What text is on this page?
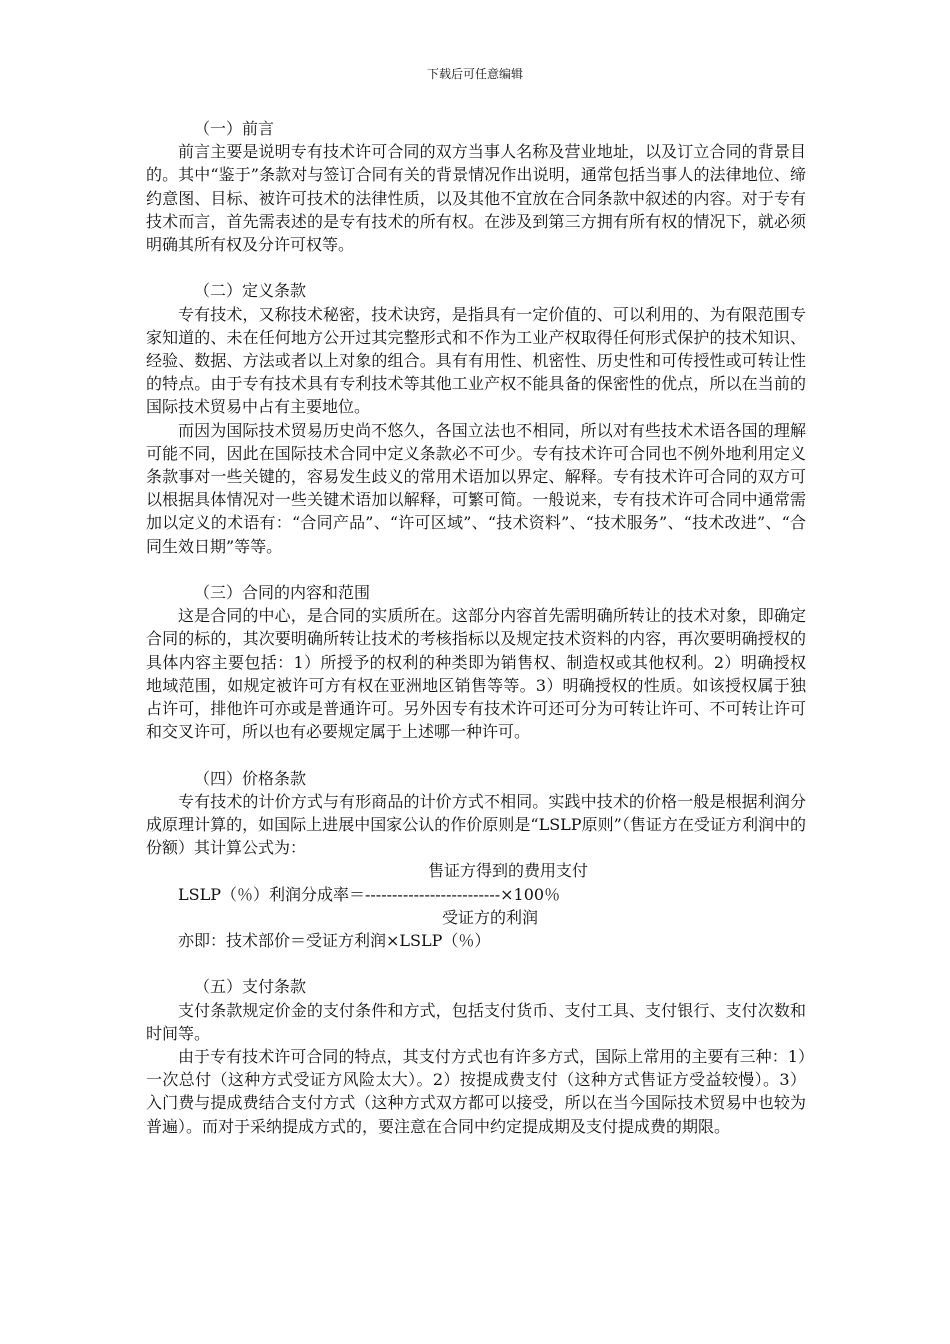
下载后可任意编辑

（一）前言

前言主要是说明专有技术许可合同的双方当事人名称及营业地址，以及订立合同的背景目的。其中“鉴于”条款对与签订合同有关的背景情况作出说明，通常包括当事人的法律地位、缔约意图、目标、被许可技术的法律性质，以及其他不宜放在合同条款中叙述的内容。对于专有技术而言，首先需表述的是专有技术的所有权。在涉及到第三方拥有所有权的情况下，就必须明确其所有权及分许可权等。

（二）定义条款

专有技术，又称技术秘密，技术诀窍，是指具有一定价值的、可以利用的、为有限范围专家知道的、未在任何地方公开过其完整形式和不作为工业产权取得任何形式保护的技术知识、经验、数据、方法或者以上对象的组合。具有有用性、机密性、历史性和可传授性或可转让性的特点。由于专有技术具有专利技术等其他工业产权不能具备的保密性的优点，所以在当前的国际技术贸易中占有主要地位。

而因为国际技术贸易历史尚不悠久，各国立法也不相同，所以对有些技术术语各国的理解可能不同，因此在国际技术合同中定义条款必不可少。专有技术许可合同也不例外地利用定义条款事对一些关键的，容易发生歧义的常用术语加以界定、解释。专有技术许可合同的双方可以根据具体情况对一些关键术语加以解释，可繁可简。一般说来，专有技术许可合同中通常需加以定义的术语有：“合同产品”、“许可区域”、“技术资料”、“技术服务”、“技术改进”、“合同生效日期”等等。

（三）合同的内容和范围

这是合同的中心，是合同的实质所在。这部分内容首先需明确所转让的技术对象，即确定合同的标的，其次要明确所转让技术的考核指标以及规定技术资料的内容，再次要明确授权的具体内容主要包括：1）所授予的权利的种类即为销售权、制造权或其他权利。2）明确授权地域范围，如规定被许可方有权在亚洲地区销售等等。3）明确授权的性质。如该授权属于独占许可，排他许可亦或是普通许可。另外因专有技术许可还可分为可转让许可、不可转让许可和交叉许可，所以也有必要规定属于上述哪一种许可。

（四）价格条款

专有技术的计价方式与有形商品的计价方式不相同。实践中技术的价格一般是根据利润分成原理计算的，如国际上进展中国家公认的作价原则是“LSLP原则”（售证方在受证方利润中的份额）其计算公式为：

售证方得到的费用支付

LSLP（％）利润分成率＝-------------------------×100％

受证方的利润

亦即：技术部价＝受证方利润×LSLP（％）

（五）支付条款

支付条款规定价金的支付条件和方式，包括支付货币、支付工具、支付银行、支付次数和时间等。

由于专有技术许可合同的特点，其支付方式也有许多方式，国际上常用的主要有三种：1）一次总付（这种方式受证方风险太大）。2）按提成费支付（这种方式售证方受益较慢）。3）入门费与提成费结合支付方式（这种方式双方都可以接受，所以在当今国际技术贸易中也较为普遍）。而对于采纳提成方式的，要注意在合同中约定提成期及支付提成费的期限。
